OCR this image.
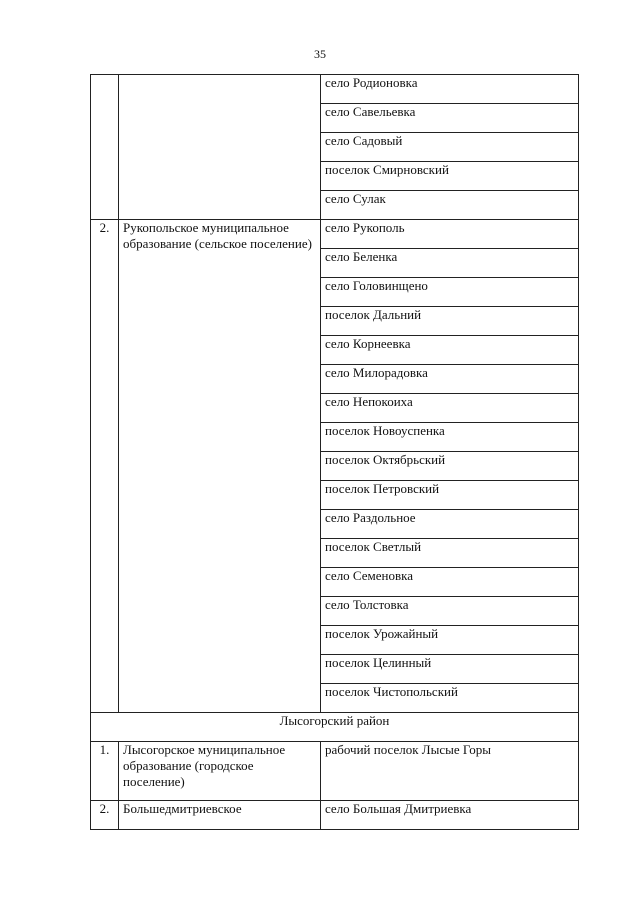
35
		село Родионовка
		село Савельевка
		село Садовый
		поселок Смирновский
		село Сулак
2.	Рукопольское муниципальное образование (сельское поселение)	село Рукополь
		село Беленка
		село Головинщено
		поселок Дальний
		село Корнеевка
		село Милорадовка
		село Непокоиха
		поселок Новоуспенка
		поселок Октябрьский
		поселок Петровский
		село Раздольное
		поселок Светлый
		село Семеновка
		село Толстовка
		поселок Урожайный
		поселок Целинный
		поселок Чистопольский
Лысогорский район		
1.	Лысогорское муниципальное образование (городское поселение)	рабочий поселок Лысые Горы
2.	Большедмитриевское	село Большая Дмитриевка
